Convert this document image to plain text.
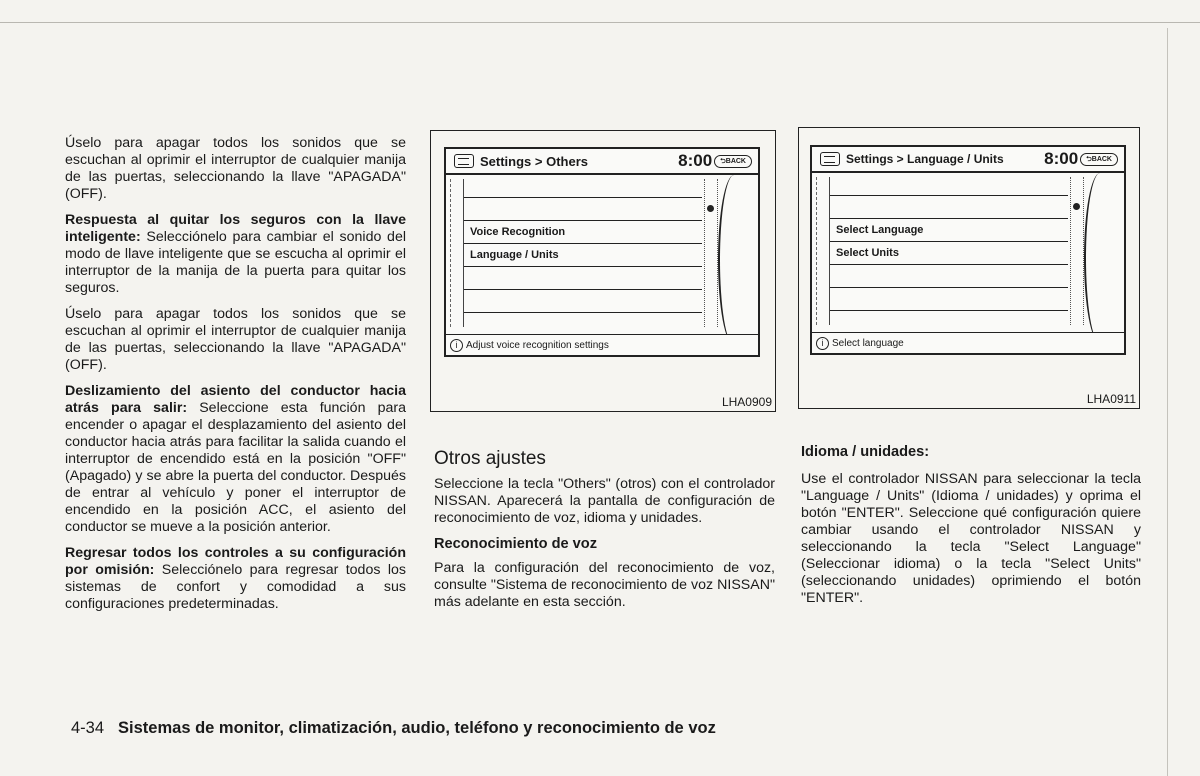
Úselo para apagar todos los sonidos que se escuchan al oprimir el interruptor de cualquier manija de las puertas, seleccionando la llave "APAGADA" (OFF).

Respuesta al quitar los seguros con la llave inteligente: Selecciónelo para cambiar el sonido del modo de llave inteligente que se escucha al oprimir el interruptor de la manija de la puerta para quitar los seguros.

Úselo para apagar todos los sonidos que se escuchan al oprimir el interruptor de cualquier manija de las puertas, seleccionando la llave "APAGADA" (OFF).

Deslizamiento del asiento del conductor hacia atrás para salir: Seleccione esta función para encender o apagar el desplazamiento del asiento del conductor hacia atrás para facilitar la salida cuando el interruptor de encendido está en la posición "OFF" (Apagado) y se abre la puerta del conductor. Después de entrar al vehículo y poner el interruptor de encendido en la posición ACC, el asiento del conductor se mueve a la posición anterior.

Regresar todos los controles a su configuración por omisión: Selecciónelo para regresar todos los sistemas de confort y comodidad a sus configuraciones predeterminadas.

Settings > Others	8:00	⮌BACK
Voice Recognition
Language / Units
i Adjust voice recognition settings
LHA0909
Settings > Language / Units 8:00	⮌BACK
Select Language
Select Units
i Select language
LHA0911
Otros ajustes

Seleccione la tecla "Others" (otros) con el controlador NISSAN. Aparecerá la pantalla de configuración de reconocimiento de voz, idioma y unidades.

Reconocimiento de voz

Para la configuración del reconocimiento de voz, consulte "Sistema de reconocimiento de voz NISSAN" más adelante en esta sección.

Idioma / unidades:

Use el controlador NISSAN para seleccionar la tecla "Language / Units" (Idioma / unidades) y oprima el botón "ENTER". Seleccione qué configuración quiere cambiar usando el controlador NISSAN y seleccionando la tecla "Select Language" (Seleccionar idioma) o la tecla "Select Units" (seleccionando unidades) oprimiendo el botón "ENTER".

4-34 Sistemas de monitor, climatización, audio, teléfono y reconocimiento de voz
